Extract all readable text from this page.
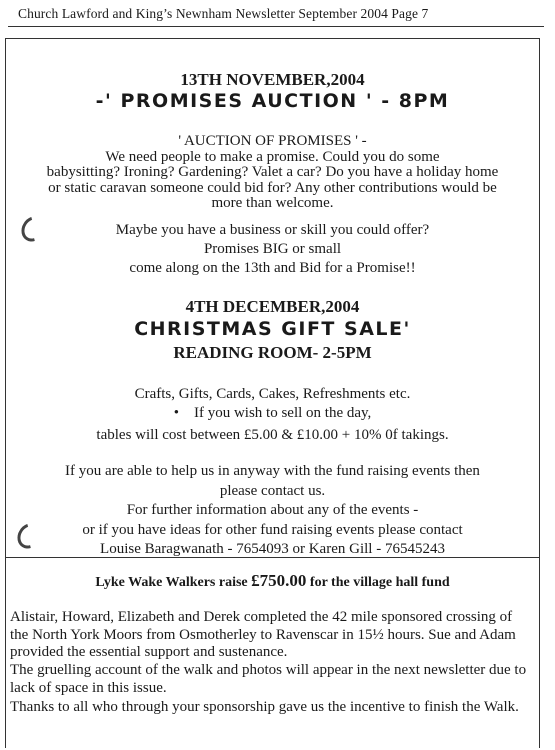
Church Lawford and King’s Newnham Newsletter September 2004 Page 7
13TH NOVEMBER,2004
-' PROMISES AUCTION ' - 8PM
' AUCTION OF PROMISES ' -
We need people to make a promise. Could you do some
babysitting? Ironing? Gardening? Valet a car? Do you have a holiday home
or static caravan someone could bid for? Any other contributions would be
more than welcome.
Maybe you have a business or skill you could offer?
Promises BIG or small
come along on the 13th and Bid for a Promise!!
4TH DECEMBER,2004
CHRISTMAS GIFT SALE'
READING ROOM- 2-5PM
Crafts, Gifts, Cards, Cakes, Refreshments etc.
• If you wish to sell on the day,
tables will cost between £5.00 & £10.00 + 10% 0f takings.
If you are able to help us in anyway with the fund raising events then
please contact us.
For further information about any of the events -
or if you have ideas for other fund raising events please contact
Louise Baragwanath - 7654093 or Karen Gill - 76545243
Lyke Wake Walkers raise £750.00 for the village hall fund
Alistair, Howard, Elizabeth and Derek completed the 42 mile sponsored crossing of the North York Moors from Osmotherley to Ravenscar in 15½ hours. Sue and Adam provided the essential support and sustenance.
The gruelling account of the walk and photos will appear in the next newsletter due to lack of space in this issue.
Thanks to all who through your sponsorship gave us the incentive to finish the Walk.
